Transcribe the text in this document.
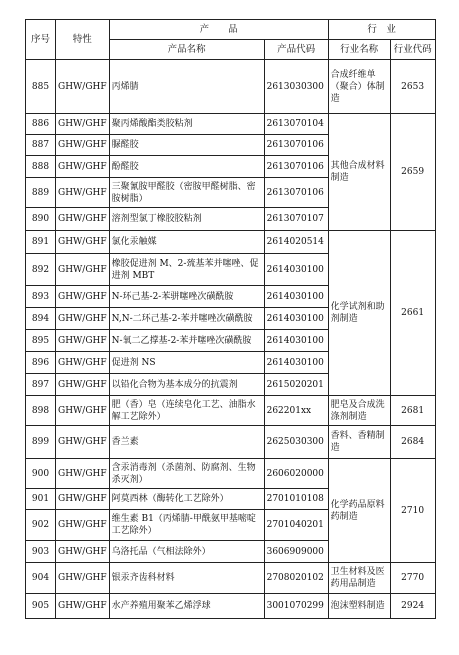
序号	特性	产　　品		行　业	
		产品名称	产品代码	行业名称	行业代码
885	GHW/GHF	丙烯腈	2613030300	合成纤维单（聚合）体制造	2653
886	GHW/GHF	聚丙烯酸酯类胶粘剂	2613070104	其他合成材料制造	2659
887	GHW/GHF	脲醛胶	2613070106		
888	GHW/GHF	酚醛胶	2613070106		
889	GHW/GHF	三聚氰胺甲醛胶（密胺甲醛树脂、密胺树脂）	2613070106		
890	GHW/GHF	溶剂型氯丁橡胶胶粘剂	2613070107		
891	GHW/GHF	氯化汞触媒	2614020514	化学试剂和助剂制造	2661
892	GHW/GHF	橡胶促进剂 M、2-巯基苯并噻唑、促进剂 MBT	2614030100		
893	GHW/GHF	N-环己基-2-苯骈噻唑次磺酰胺	2614030100		
894	GHW/GHF	N,N-二环己基-2-苯并噻唑次磺酰胺	2614030100		
895	GHW/GHF	N-氧二乙撑基-2-苯并噻唑次磺酰胺	2614030100		
896	GHW/GHF	促进剂 NS	2614030100		
897	GHW/GHF	以铅化合物为基本成分的抗震剂	2615020201		
898	GHW/GHF	肥（香）皂（连续皂化工艺、油脂水解工艺除外）	262201xx	肥皂及合成洗涤剂制造	2681
899	GHW/GHF	香兰素	2625030300	香料、香精制造	2684
900	GHW/GHF	含汞消毒剂（杀菌剂、防腐剂、生物杀灭剂）	2606020000	化学药品原料药制造	2710
901	GHW/GHF	阿莫西林（酶转化工艺除外）	2701010108		
902	GHW/GHF	维生素 B1（丙烯腈-甲酰氨甲基嘧啶工艺除外）	2701040201		
903	GHW/GHF	乌洛托品（气相法除外）	3606909000		
904	GHW/GHF	银汞齐齿科材料	2708020102	卫生材料及医药用品制造	2770
905	GHW/GHF	水产养殖用聚苯乙烯浮球	3001070299	泡沫塑料制造	2924
